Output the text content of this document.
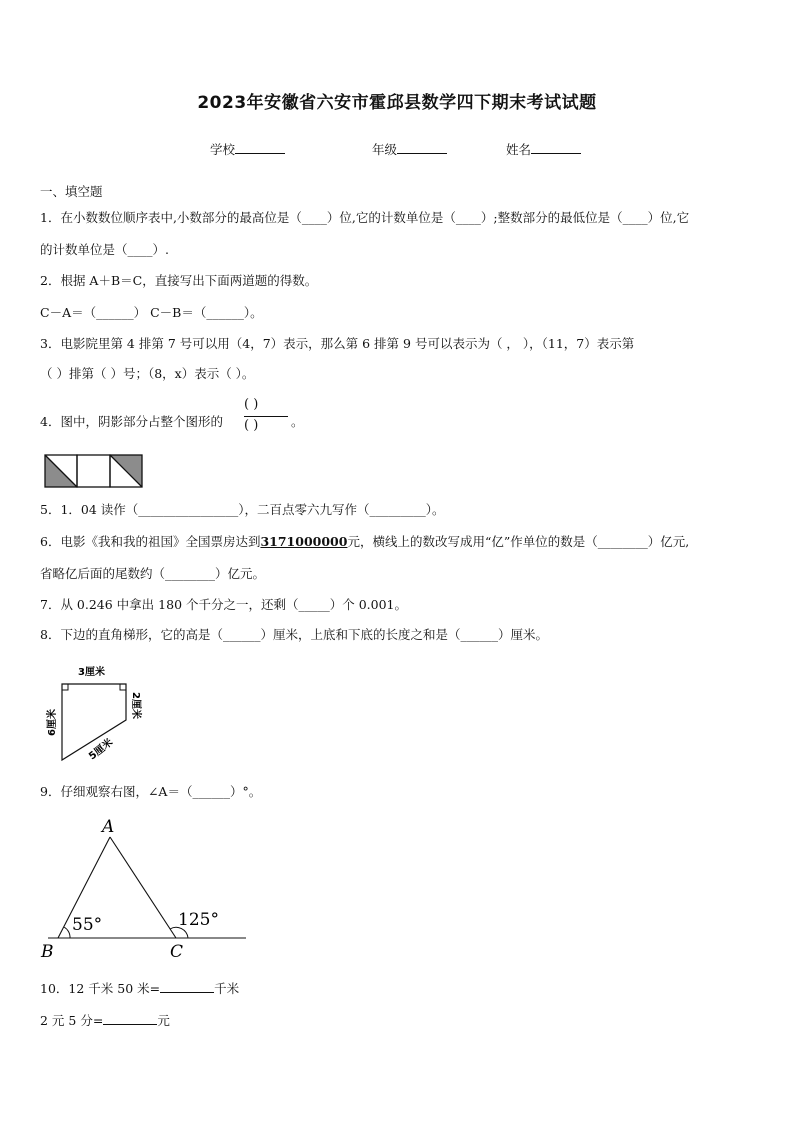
2023年安徽省六安市霍邱县数学四下期末考试试题
学校	年级	姓名
一、填空题
1．在小数数位顺序表中,小数部分的最高位是（____）位,它的计数单位是（____）;整数部分的最低位是（____）位,它
的计数单位是（____）.
2．根据 A＋B＝C，直接写出下面两道题的得数。
C－A＝（______） C－B＝（______）。
3．电影院里第 4 排第 7 号可以用（4，7）表示，那么第 6 排第 9 号可以表示为（ ， ），（11，7）表示第
（ ）排第（ ）号；（8，x）表示（ ）。
4．图中，阴影部分占整个图形的
( )
( )	。
5．1．04 读作（________________），二百点零六九写作（_________）。
6．电影《我和我的祖国》全国票房达到3171000000元，横线上的数改写成用“亿”作单位的数是（________）亿元,
省略亿后面的尾数约（________）亿元。
7．从 0.246 中拿出 180 个千分之一，还剩（_____）个 0.001。
8．下边的直角梯形，它的高是（______）厘米，上底和下底的长度之和是（______）厘米。
3厘米
2厘米
6厘米
5厘米
9．仔细观察右图，∠A＝（______）°。
A
B	C
55°	125°
10．12 千米 50 米=	千米
2 元 5 分=	元
